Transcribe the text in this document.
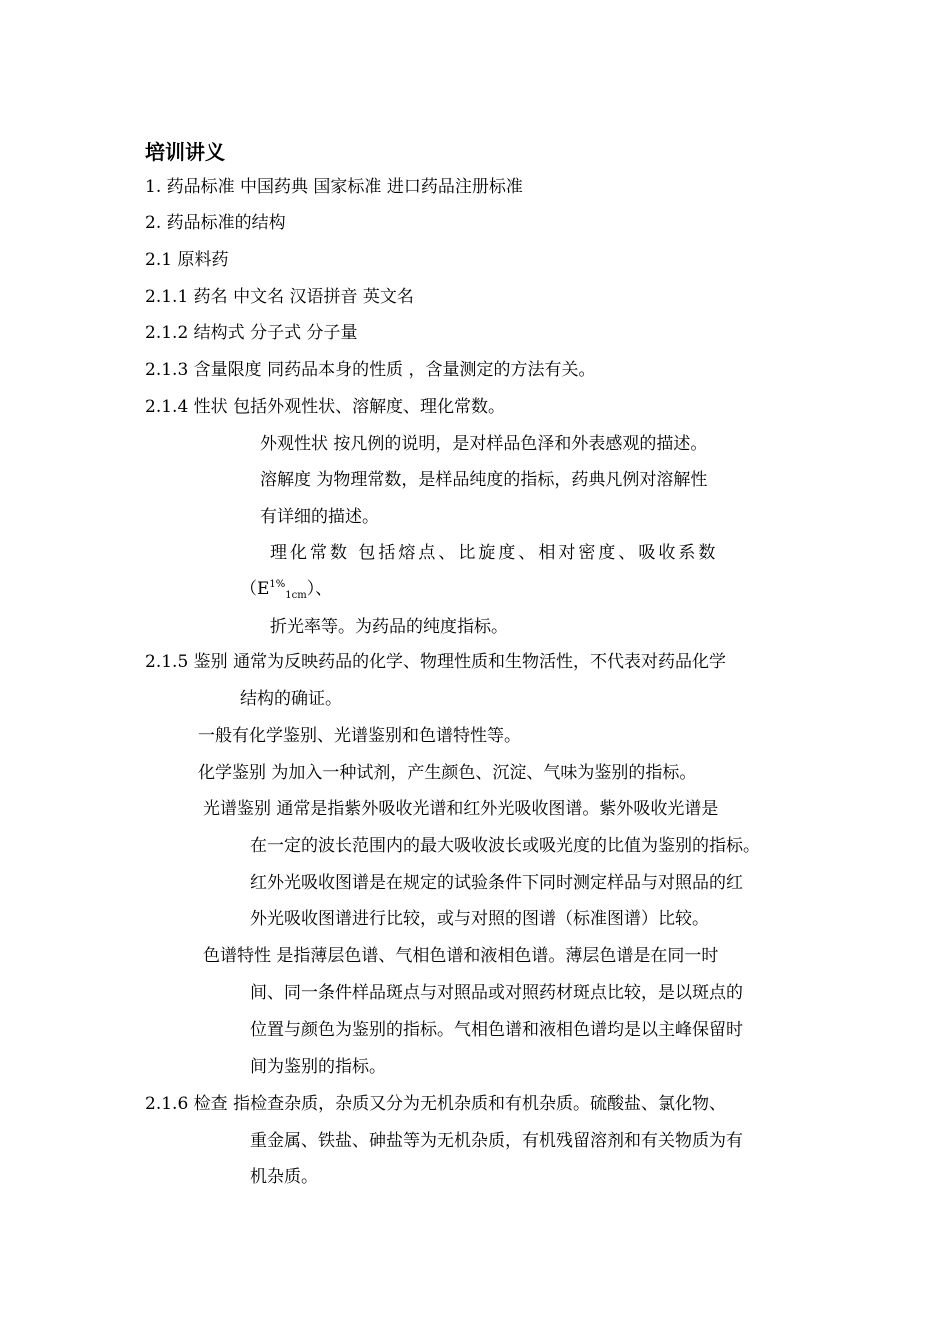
培训讲义
1. 药品标准 中国药典 国家标准 进口药品注册标准
2. 药品标准的结构
2.1 原料药
2.1.1 药名 中文名 汉语拼音 英文名
2.1.2 结构式 分子式 分子量
2.1.3 含量限度 同药品本身的性质 ，含量测定的方法有关。
2.1.4 性状 包括外观性状、溶解度、理化常数。
外观性状 按凡例的说明，是对样品色泽和外表感观的描述。
溶解度 为物理常数，是样品纯度的指标，药典凡例对溶解性
有详细的描述。
理化常数 包括熔点、比旋度、相对密度、吸收系数
$(E^{1\%}_{1cm})$、
折光率等。为药品的纯度指标。
2.1.5 鉴别 通常为反映药品的化学、物理性质和生物活性，不代表对药品化学
结构的确证。
一般有化学鉴别、光谱鉴别和色谱特性等。
化学鉴别 为加入一种试剂，产生颜色、沉淀、气味为鉴别的指标。
光谱鉴别 通常是指紫外吸收光谱和红外光吸收图谱。紫外吸收光谱是
在一定的波长范围内的最大吸收波长或吸光度的比值为鉴别的指标。
红外光吸收图谱是在规定的试验条件下同时测定样品与对照品的红
外光吸收图谱进行比较，或与对照的图谱（标准图谱）比较。
色谱特性 是指薄层色谱、气相色谱和液相色谱。薄层色谱是在同一时
间、同一条件样品斑点与对照品或对照药材斑点比较，是以斑点的
位置与颜色为鉴别的指标。气相色谱和液相色谱均是以主峰保留时
间为鉴别的指标。
2.1.6 检查 指检查杂质，杂质又分为无机杂质和有机杂质。硫酸盐、氯化物、
重金属、铁盐、砷盐等为无机杂质，有机残留溶剂和有关物质为有
机杂质。
